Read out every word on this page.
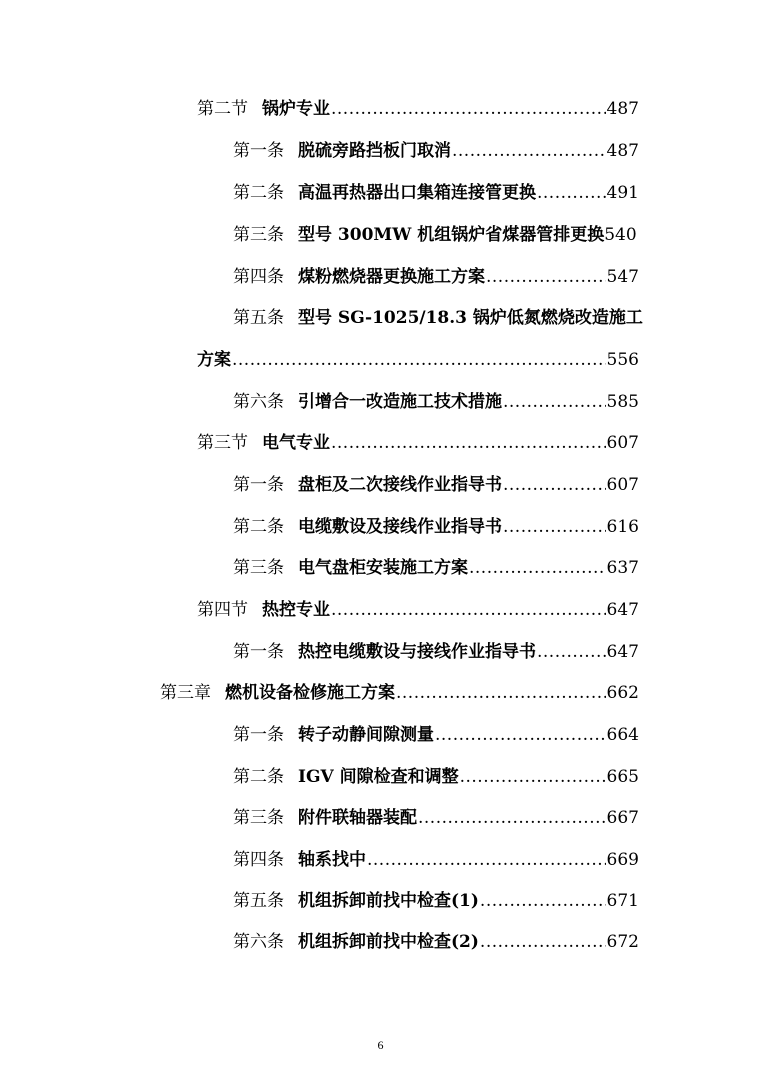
第二节 锅炉专业 .....	487
第一条 脱硫旁路挡板门取消 .....	487
第二条 高温再热器出口集箱连接管更换 .....	491
第三条 型号 300MW 机组锅炉省煤器管排更换 540
第四条 煤粉燃烧器更换施工方案 .....	547
第五条 型号 SG-1025/18.3 锅炉低氮燃烧改造施工
方案 .....	556
第六条 引增合一改造施工技术措施 .....	585
第三节 电气专业 .....	607
第一条 盘柜及二次接线作业指导书 .....	607
第二条 电缆敷设及接线作业指导书 .....	616
第三条 电气盘柜安装施工方案 .....	637
第四节 热控专业 .....	647
第一条 热控电缆敷设与接线作业指导书 .....	647
第三章 燃机设备检修施工方案 .....	662
第一条 转子动静间隙测量 .....	664
第二条 IGV 间隙检查和调整 .....	665
第三条 附件联轴器装配 .....	667
第四条 轴系找中 .....	669
第五条 机组拆卸前找中检查(1) .....	671
第六条 机组拆卸前找中检查(2) .....	672
6
